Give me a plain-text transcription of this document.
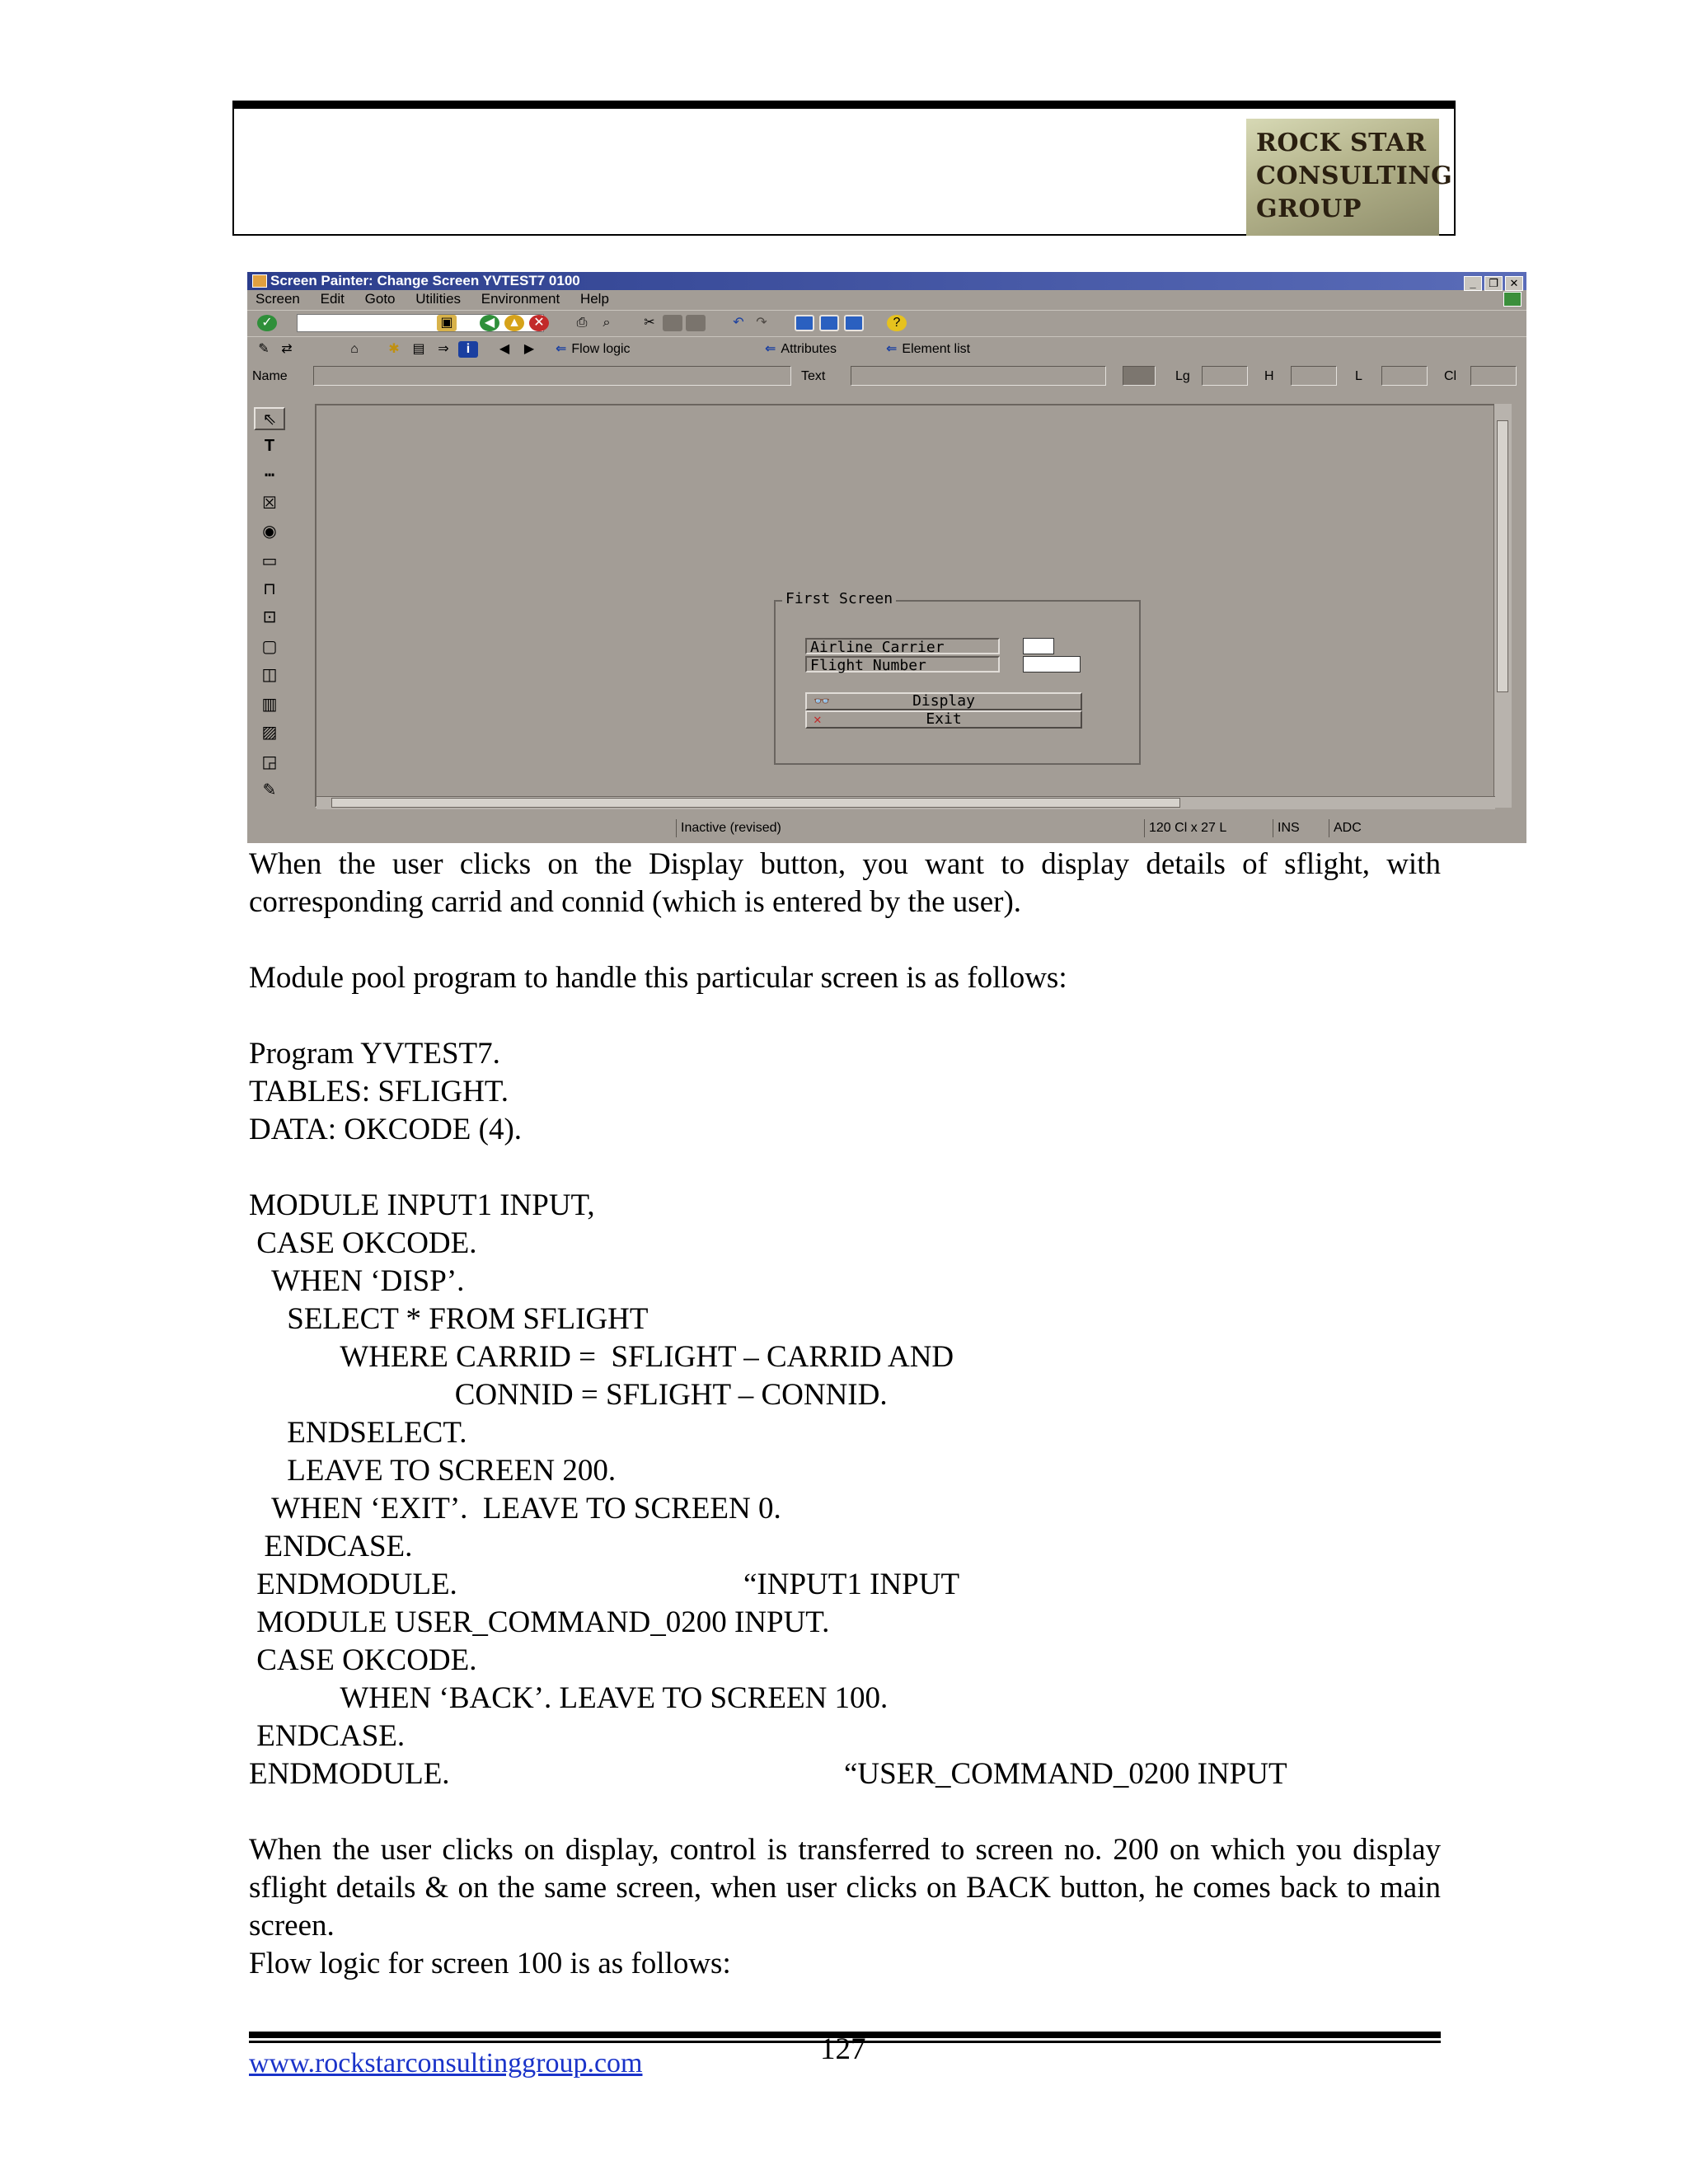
ROCK STAR
CONSULTING
GROUP
Screen Painter: Change Screen YVTEST7 0100	_ ❐ ✕
Screen Edit Goto Utilities Environment Help
✓	▣	◀ ▲ ✕	⎙	⌕	✂	↶ ↷	?
✎ ⇄	⌂	✱ ▤ ⇒	i	◀	▶	⇐ Flow logic	⇐ Attributes	⇐ Element list
Name	Text	Lg	H	L	Cl
⇖
T
┅
☒
◉
▭
⊓
⊡
▢
◫
▥
▨
◲
✎
First Screen
Airline Carrier
Flight Number
👓	Display
✕	Exit
Inactive (revised)	120 Cl x 27 L	INS	ADC
When the user clicks on the Display button, you want to display details of sflight, with corresponding carrid and connid (which is entered by the user).
Module pool program to handle this particular screen is as follows:
Program YVTEST7.
TABLES: SFLIGHT.
DATA: OKCODE (4).
MODULE INPUT1 INPUT,
CASE OKCODE.
WHEN ‘DISP’.
SELECT * FROM SFLIGHT
WHERE CARRID =  SFLIGHT – CARRID AND
CONNID = SFLIGHT – CONNID.
ENDSELECT.
LEAVE TO SCREEN 200.
WHEN ‘EXIT’.  LEAVE TO SCREEN 0.
ENDCASE.
ENDMODULE.	“INPUT1 INPUT
MODULE USER_COMMAND_0200 INPUT.
CASE OKCODE.
WHEN ‘BACK’. LEAVE TO SCREEN 100.
ENDCASE.
ENDMODULE.	“USER_COMMAND_0200 INPUT
When the user clicks on display, control is transferred to screen no. 200 on which you display sflight details & on the same screen, when user clicks on BACK button, he comes back to main screen.
Flow logic for screen 100 is as follows:
127
www.rockstarconsultinggroup.com
